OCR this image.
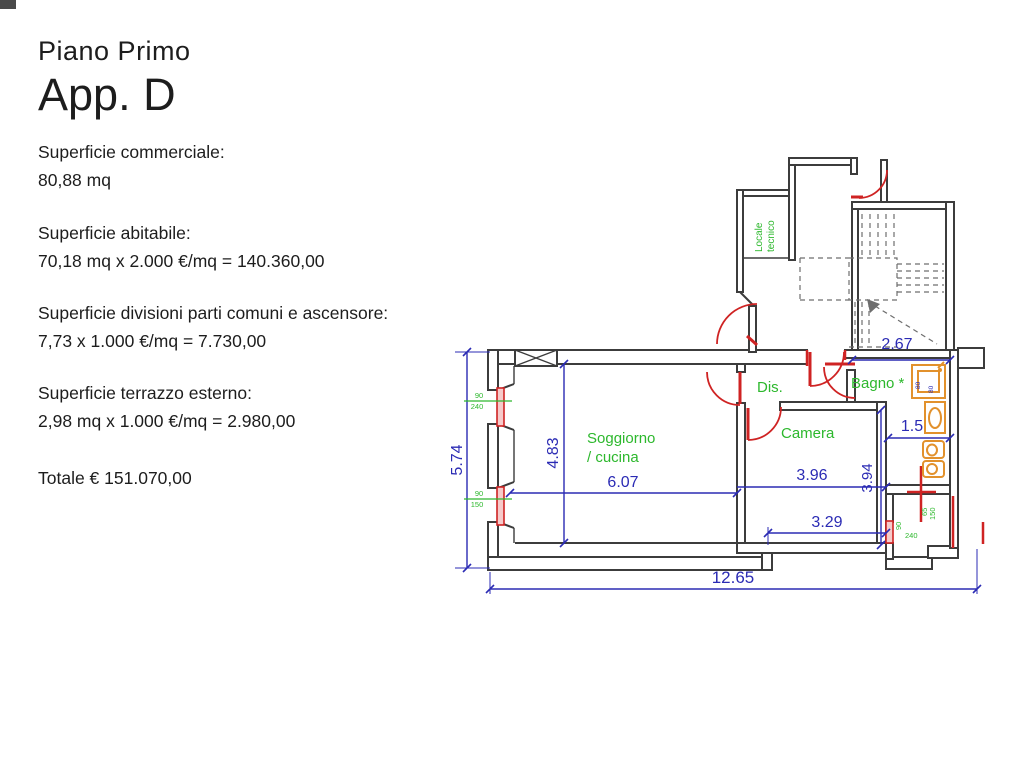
Piano Primo
App. D
Superficie commerciale:
80,88 mq
Superficie abitabile:
70,18 mq x 2.000 €/mq = 140.360,00
Superficie divisioni parti comuni e ascensore:
7,73 x 1.000 €/mq = 7.730,00
Superficie terrazzo esterno:
2,98 mq x 1.000 €/mq = 2.980,00
Totale € 151.070,00
12.65
5.74	4.83
6.07	3.96
3.29
3.94
1.5
2.67
Soggiorno
/ cucina
Dis.
Camera
Bagno *
Locale tecnico
90
240
90
150
65 150
90
240
80
80
